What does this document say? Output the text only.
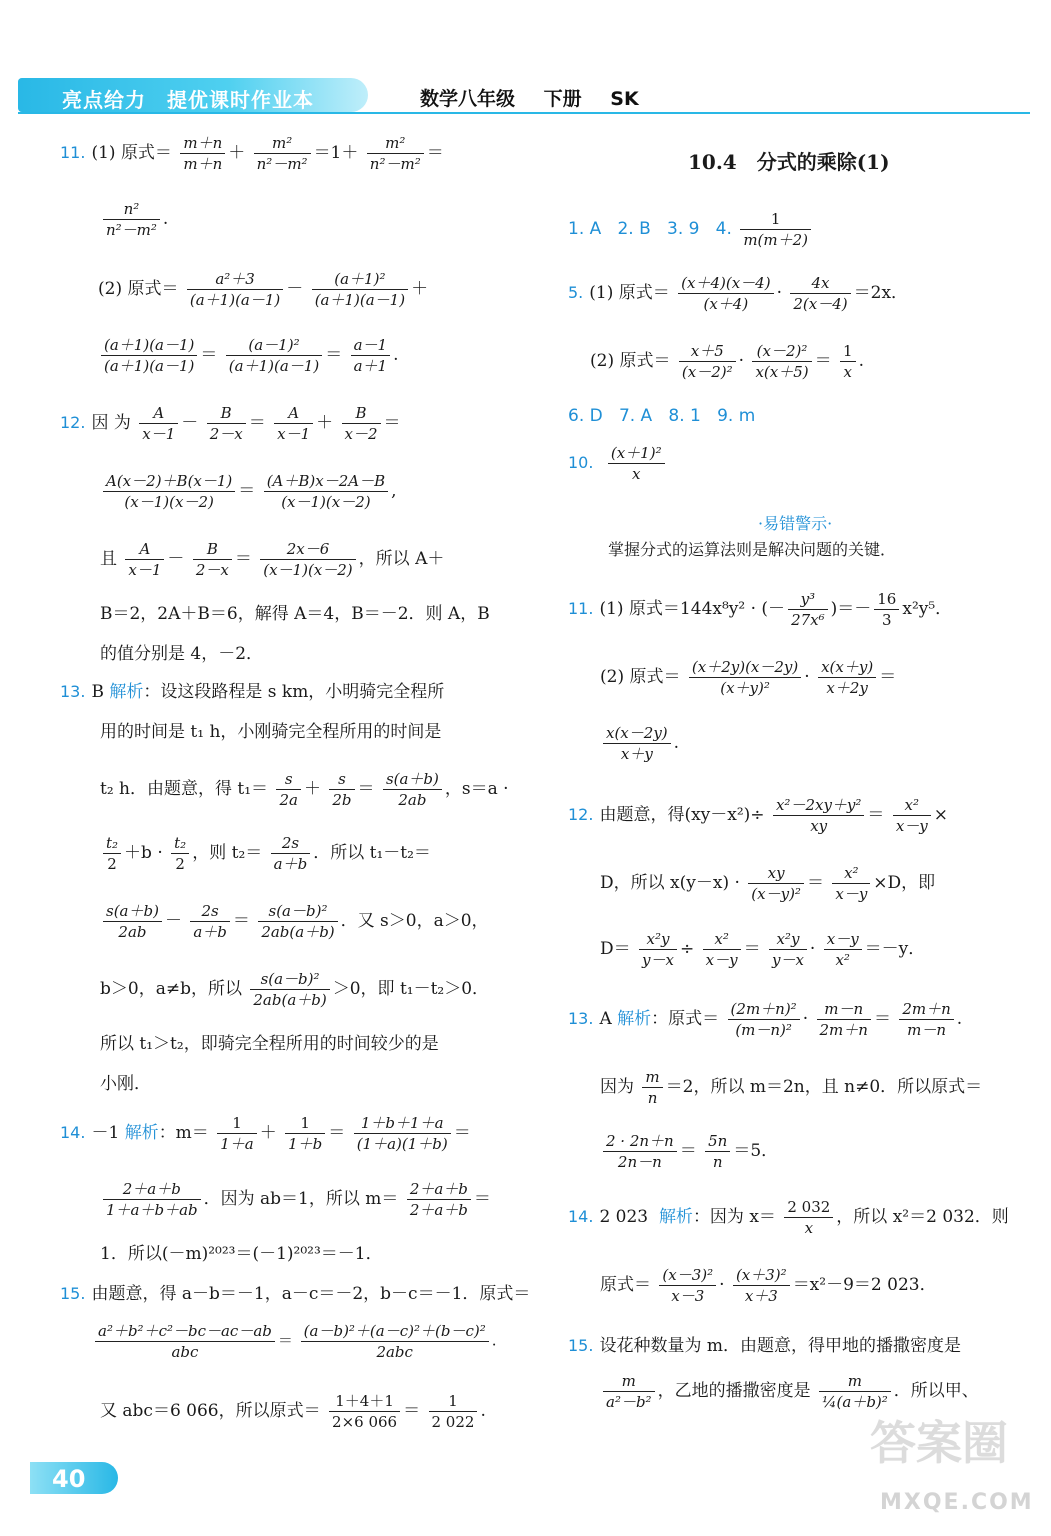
亮点给力　提优课时作业本	数学八年级 下册 SK
11. (1) 原式＝ $\frac{m+n}{m+n} + \frac{\text{m²}}{\text{n²－m²}} =1+ \frac{\text{m²}}{\text{n²－m²}}$ ＝
$\frac{\text{n²}}{\text{n²－m²}}$ .
(2) 原式＝ $\frac{\text{a²＋3}}{(a+1)(a-1)} - \frac{\text{(a＋1)²}}{(a+1)(a-1)}$ ＋
$\frac{(a+1)(a-1)}{(a+1)(a-1)} = \frac{\text{(a－1)²}}{(a+1)(a-1)} = \frac{a-1}{a+1}$ .
12. 因 为 $\frac{A}{x-1} - \frac{B}{2-x} = \frac{A}{x-1} + \frac{B}{x-2}$ ＝
$\frac{A(x-2)+B(x-1)}{(x-1)(x-2)} = \frac{(A+B)x-2A-B}{(x-1)(x-2)}$ ,
且 $\frac{A}{x-1} - \frac{B}{2-x} = \frac{2x-6}{(x-1)(x-2)}$ ，所以 A＋
B＝2，2A＋B＝6，解得 A＝4，B＝－2．则 A，B
的值分别是 4，－2．
13. B 解析：设这段路程是 s km，小明骑完全程所
用的时间是 t₁ h，小刚骑完全程所用的时间是
t₂ h．由题意，得 $t_1= \frac{s}{2a} + \frac{s}{2b} = \frac{s(a+b)}{2ab}$ ，s＝a ·
$\frac{\text{t₂}}{2} +b \cdot \frac{\text{t₂}}{2}$ ，则 $t_2= \frac{2s}{a+b}$ ．所以 t₁－t₂＝
$\frac{s(a+b)}{2ab} - \frac{2s}{a+b} = \frac{\text{s(a－b)²}}{2ab(a+b)}$ ．又 s＞0，a＞0，
b＞0，a≠b，所以 $\frac{\text{s(a－b)²}}{2ab(a+b)} >0$，即 t₁－t₂＞0．
所以 t₁＞t₂，即骑完全程所用的时间较少的是
小刚．
14. －1 解析：$m= \frac{1}{1+a} + \frac{1}{1+b} = \frac{1+b+1+a}{(1+a)(1+b)}$ ＝
$\frac{2+a+b}{1+a+b+ab}$ ．因为 ab＝1，所以 $m= \frac{2+a+b}{2+a+b}$ ＝
1．所以(－m)²⁰²³＝(－1)²⁰²³＝－1．
15. 由题意，得 a－b＝－1，a－c＝－2，b－c＝－1．原式＝
$\frac{\text{a²＋b²＋c²－bc－ac－ab}}{\text{abc}} = \frac{\text{(a－b)²＋(a－c)²＋(b－c)²}}{\text{2abc}}$ .
又 abc＝6 066，所以原式＝ $\frac{1+4+1}{2\times 6 066} = \frac{1}{2 022}$ .
10.4　分式的乘除(1)
1. A 2. B 3. 9 4. $\frac{1}{m(m+2)}$
5. (1) 原式＝ $\frac{(x+4)(x-4)}{(x+4)} \cdot \frac{4x}{2(x-4)} =2x$．
(2) 原式＝ $\frac{x+5}{\text{(x－2)²}} \cdot \frac{\text{(x－2)²}}{x(x+5)} = \frac{1}{x}$ .
6. D 7. A 8. 1 9. m
10. $\frac{\text{(x＋1)²}}{x}$
·易错警示·
掌握分式的运算法则是解决问题的关键．
11. (1) 原式＝144x⁸y² · (－ $\frac{\text{y³}}{\text{27x⁶}}$ )＝－ $\frac{16}{3} x^2y^5$．
(2) 原式＝ $\frac{(x+2y)(x-2y)}{\text{(x＋y)²}} \cdot \frac{x(x+y)}{x+2y}$ ＝
$\frac{x(x-2y)}{x+y}$ .
12. 由题意，得$(xy-x^2)\div \frac{\text{x²－2xy＋y²}}{xy} = \frac{\text{x²}}{x-y}$ ×
D，所以 $x(y-x) \cdot \frac{xy}{\text{(x－y)²}} = \frac{\text{x²}}{x-y} \times D$，即
$D= \frac{\text{x²y}}{y-x} \div \frac{\text{x²}}{x-y} = \frac{\text{x²y}}{y-x} \cdot \frac{x-y}{\text{x²}} =-y$．
13. A 解析：原式＝ $\frac{\text{(2m＋n)²}}{\text{(m－n)²}} \cdot \frac{m-n}{2m+n} = \frac{2m+n}{m-n}$ .
因为 $\frac{m}{n} =2$，所以 m＝2n，且 n≠0．所以原式＝
$\frac{2 \cdot 2n+n}{2n-n} = \frac{5n}{n} =5$．
14. 2 023 解析：因为 $x= \frac{2 032}{x}$ ，所以 x²＝2 032．则
原式＝ $\frac{\text{(x－3)²}}{x-3} \cdot \frac{\text{(x＋3)²}}{x+3} =x^2-9=2$ 023．
15. 设花种数量为 m．由题意，得甲地的播撒密度是
$\frac{m}{\text{a²－b²}}$ ，乙地的播撒密度是 $\frac{m}{\text{¼(a＋b)²}}$ ．所以甲、
40
答案圈
MXQE.COM
